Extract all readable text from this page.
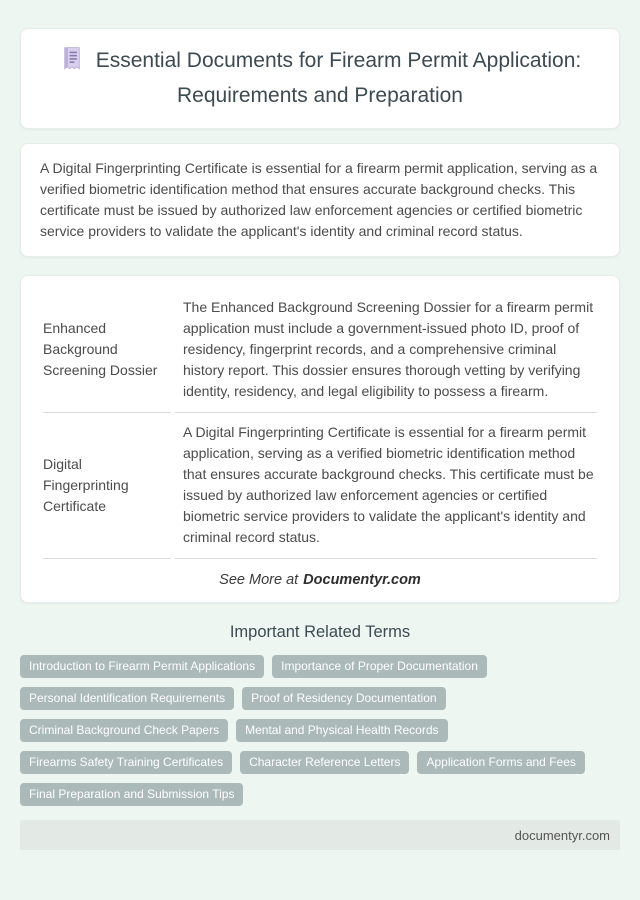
Essential Documents for Firearm Permit Application: Requirements and Preparation

A Digital Fingerprinting Certificate is essential for a firearm permit application, serving as a verified biometric identification method that ensures accurate background checks. This certificate must be issued by authorized law enforcement agencies or certified biometric service providers to validate the applicant's identity and criminal record status.

Enhanced Background Screening Dossier	The Enhanced Background Screening Dossier for a firearm permit application must include a government-issued photo ID, proof of residency, fingerprint records, and a comprehensive criminal history report. This dossier ensures thorough vetting by verifying identity, residency, and legal eligibility to possess a firearm.
Digital Fingerprinting Certificate	A Digital Fingerprinting Certificate is essential for a firearm permit application, serving as a verified biometric identification method that ensures accurate background checks. This certificate must be issued by authorized law enforcement agencies or certified biometric service providers to validate the applicant's identity and criminal record status.

See More at Documentyr.com

Important Related Terms
Introduction to Firearm Permit Applications	Importance of Proper Documentation
Personal Identification Requirements	Proof of Residency Documentation
Criminal Background Check Papers	Mental and Physical Health Records
Firearms Safety Training Certificates	Character Reference Letters	Application Forms and Fees
Final Preparation and Submission Tips
documentyr.com
